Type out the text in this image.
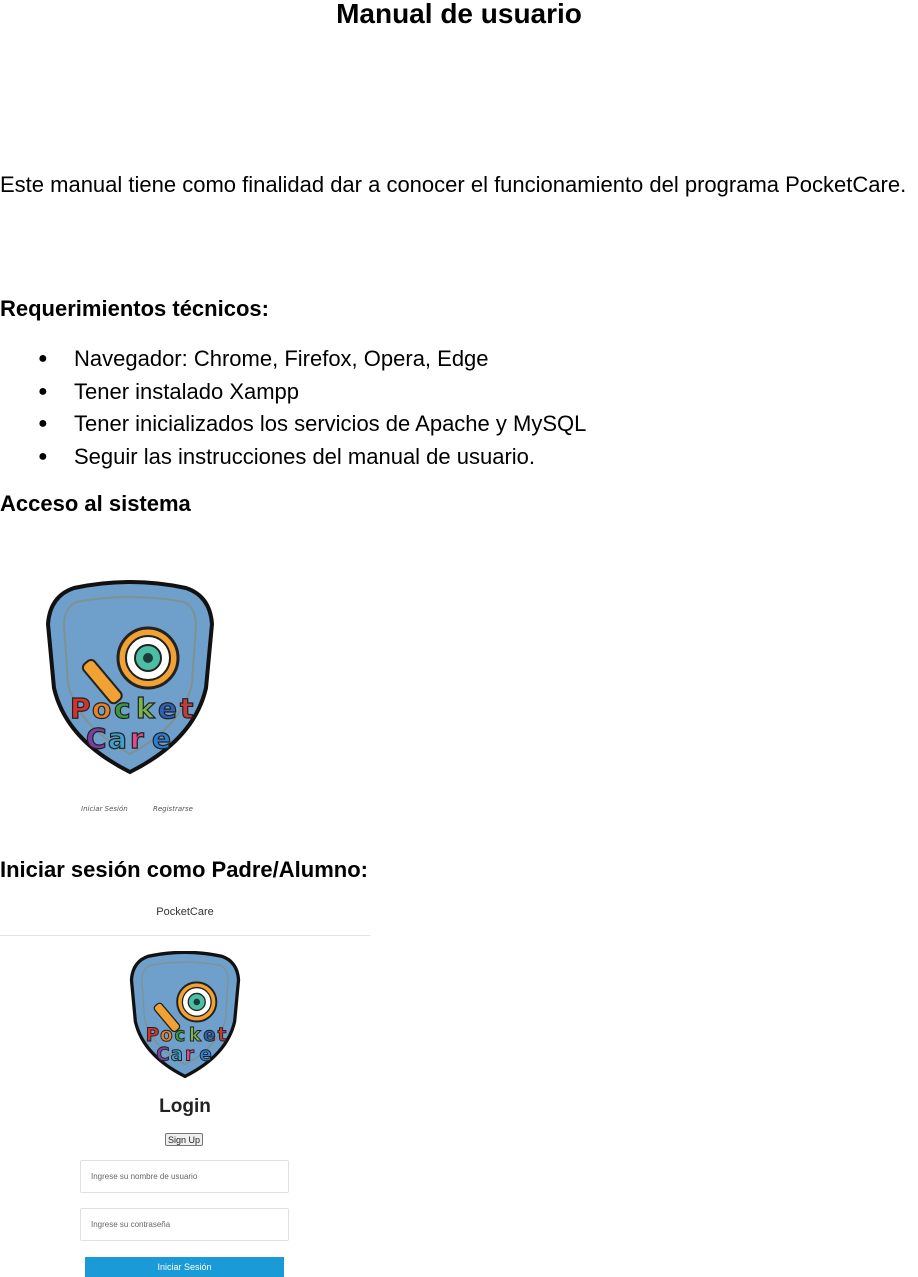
Manual de usuario
Este manual tiene como finalidad dar a conocer el funcionamiento del programa PocketCare.
Requerimientos técnicos:
● Navegador: Chrome, Firefox, Opera, Edge
● Tener instalado Xampp
● Tener inicializados los servicios de Apache y MySQL
● Seguir las instrucciones del manual de usuario.
Acceso al sistema
P o c k e t
C a r e
Iniciar Sesión	Registrarse
Iniciar sesión como Padre/Alumno:
PocketCare
P o c k e t
C a r e
Login
Sign Up
Ingrese su nombre de usuario
Iniciar Sesión
